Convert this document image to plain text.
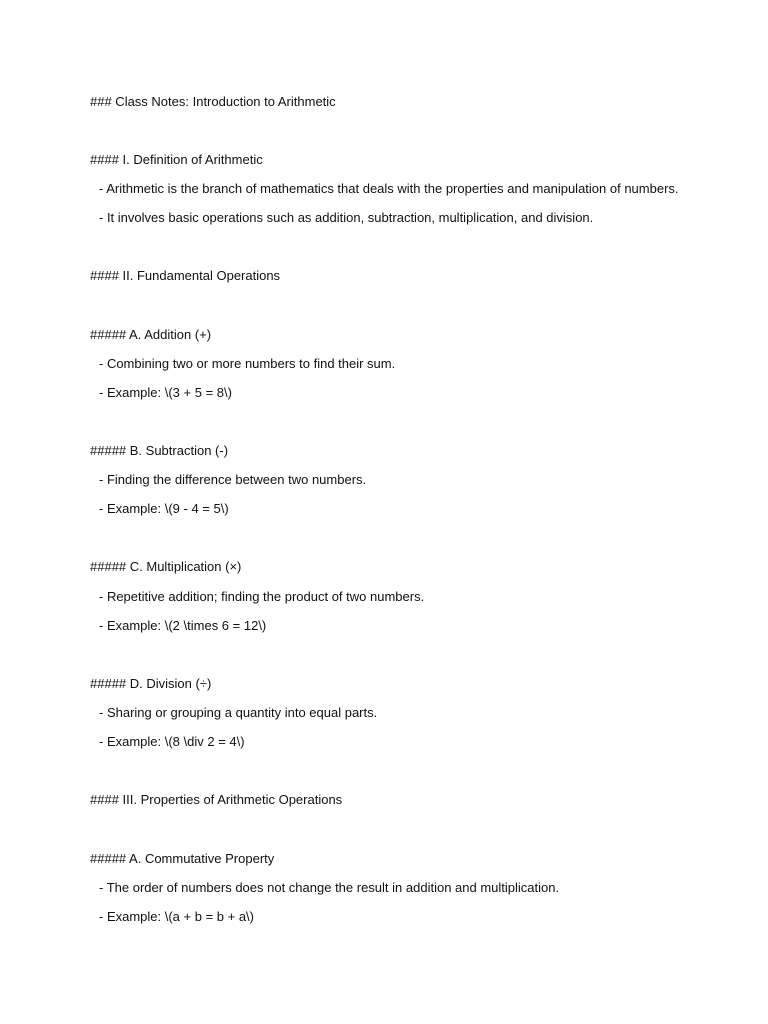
### Class Notes: Introduction to Arithmetic
#### I. Definition of Arithmetic
- Arithmetic is the branch of mathematics that deals with the properties and manipulation of numbers.
- It involves basic operations such as addition, subtraction, multiplication, and division.
#### II. Fundamental Operations
##### A. Addition (+)
- Combining two or more numbers to find their sum.
- Example: \(3 + 5 = 8\)
##### B. Subtraction (-)
- Finding the difference between two numbers.
- Example: \(9 - 4 = 5\)
##### C. Multiplication (×)
- Repetitive addition; finding the product of two numbers.
- Example: \(2 \times 6 = 12\)
##### D. Division (÷)
- Sharing or grouping a quantity into equal parts.
- Example: \(8 \div 2 = 4\)
#### III. Properties of Arithmetic Operations
##### A. Commutative Property
- The order of numbers does not change the result in addition and multiplication.
- Example: \(a + b = b + a\)
